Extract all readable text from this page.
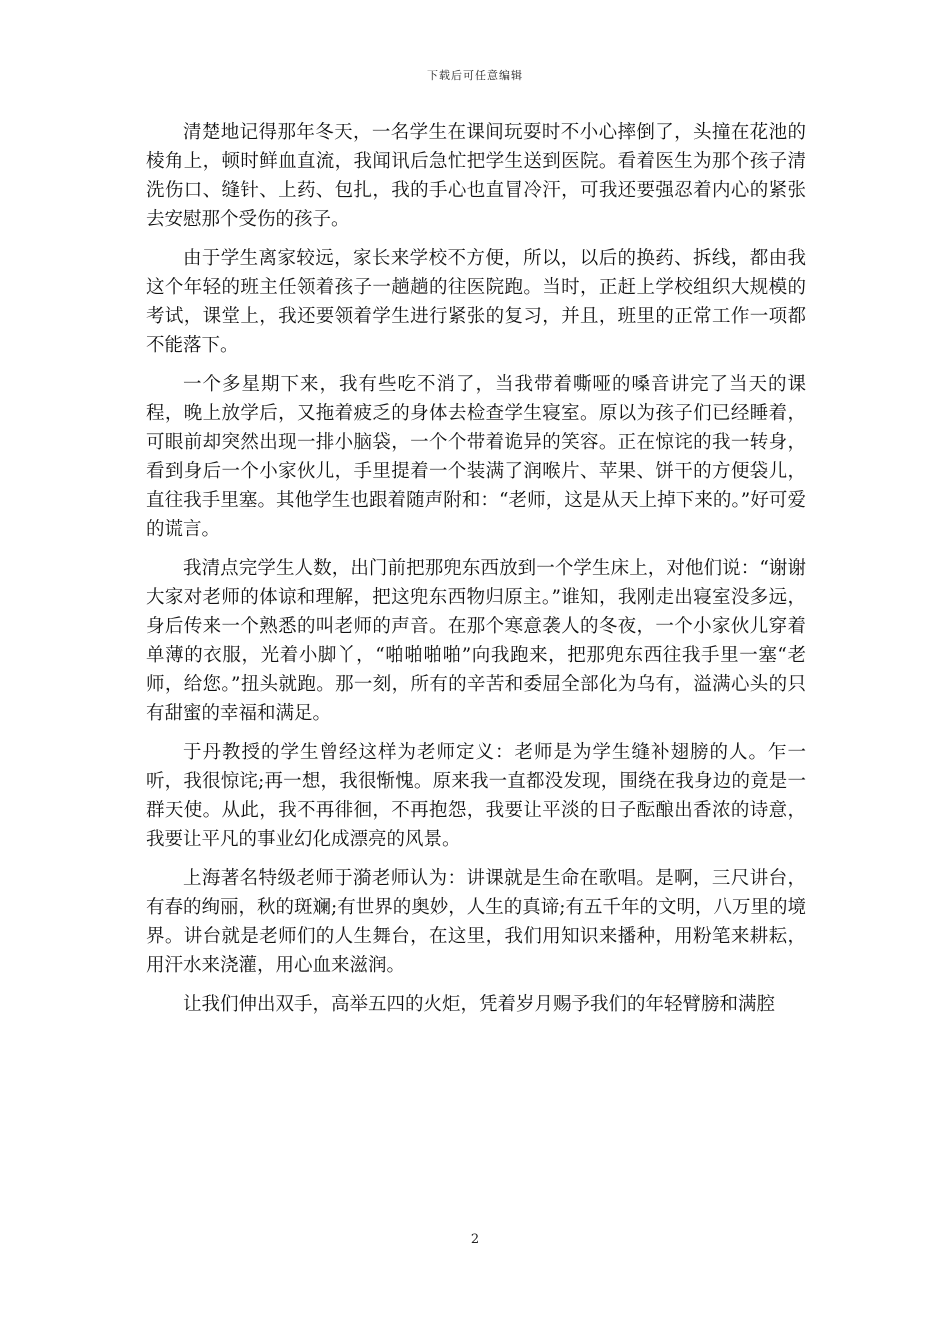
下载后可任意编辑

清楚地记得那年冬天，一名学生在课间玩耍时不小心摔倒了，头撞在花池的棱角上，顿时鲜血直流，我闻讯后急忙把学生送到医院。看着医生为那个孩子清洗伤口、缝针、上药、包扎，我的手心也直冒冷汗，可我还要强忍着内心的紧张去安慰那个受伤的孩子。

由于学生离家较远，家长来学校不方便，所以，以后的换药、拆线，都由我这个年轻的班主任领着孩子一趟趟的往医院跑。当时，正赶上学校组织大规模的考试，课堂上，我还要领着学生进行紧张的复习，并且，班里的正常工作一项都不能落下。

一个多星期下来，我有些吃不消了，当我带着嘶哑的嗓音讲完了当天的课程，晚上放学后，又拖着疲乏的身体去检查学生寝室。原以为孩子们已经睡着，可眼前却突然出现一排小脑袋，一个个带着诡异的笑容。正在惊诧的我一转身，看到身后一个小家伙儿，手里提着一个装满了润喉片、苹果、饼干的方便袋儿，直往我手里塞。其他学生也跟着随声附和：“老师，这是从天上掉下来的。”好可爱的谎言。

我清点完学生人数，出门前把那兜东西放到一个学生床上，对他们说：“谢谢大家对老师的体谅和理解，把这兜东西物归原主。”谁知，我刚走出寝室没多远，身后传来一个熟悉的叫老师的声音。在那个寒意袭人的冬夜，一个小家伙儿穿着单薄的衣服，光着小脚丫，“啪啪啪啪”向我跑来，把那兜东西往我手里一塞“老师，给您。”扭头就跑。那一刻，所有的辛苦和委屈全部化为乌有，溢满心头的只有甜蜜的幸福和满足。

于丹教授的学生曾经这样为老师定义：老师是为学生缝补翅膀的人。乍一听，我很惊诧;再一想，我很惭愧。原来我一直都没发现，围绕在我身边的竟是一群天使。从此，我不再徘徊，不再抱怨，我要让平淡的日子酝酿出香浓的诗意，我要让平凡的事业幻化成漂亮的风景。

上海著名特级老师于漪老师认为：讲课就是生命在歌唱。是啊，三尺讲台，有春的绚丽，秋的斑斓;有世界的奥妙，人生的真谛;有五千年的文明，八万里的境界。讲台就是老师们的人生舞台，在这里，我们用知识来播种，用粉笔来耕耘，用汗水来浇灌，用心血来滋润。

让我们伸出双手，高举五四的火炬，凭着岁月赐予我们的年轻臂膀和满腔

2
